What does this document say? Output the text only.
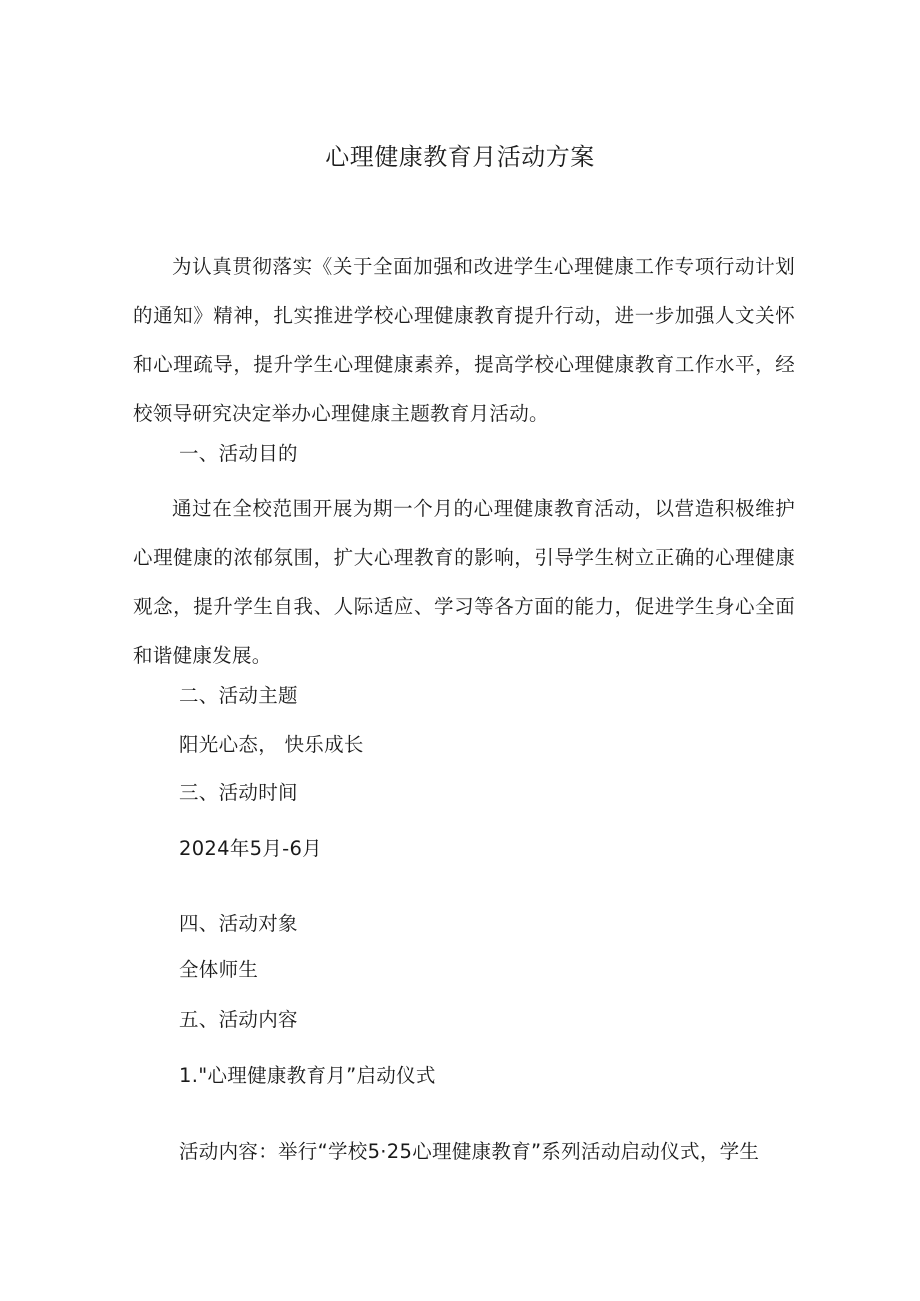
心理健康教育月活动方案

为认真贯彻落实《关于全面加强和改进学生心理健康工作专项行动计划的通知》精神，扎实推进学校心理健康教育提升行动，进一步加强人文关怀和心理疏导，提升学生心理健康素养，提高学校心理健康教育工作水平，经校领导研究决定举办心理健康主题教育月活动。

一、活动目的

通过在全校范围开展为期一个月的心理健康教育活动，以营造积极维护心理健康的浓郁氛围，扩大心理教育的影响，引导学生树立正确的心理健康观念，提升学生自我、人际适应、学习等各方面的能力，促进学生身心全面和谐健康发展。

二、活动主题

阳光心态， 快乐成长

三、活动时间

2024年5月-6月

四、活动对象

全体师生

五、活动内容

1."心理健康教育月”启动仪式

活动内容：举行“学校5·25心理健康教育”系列活动启动仪式，学生
